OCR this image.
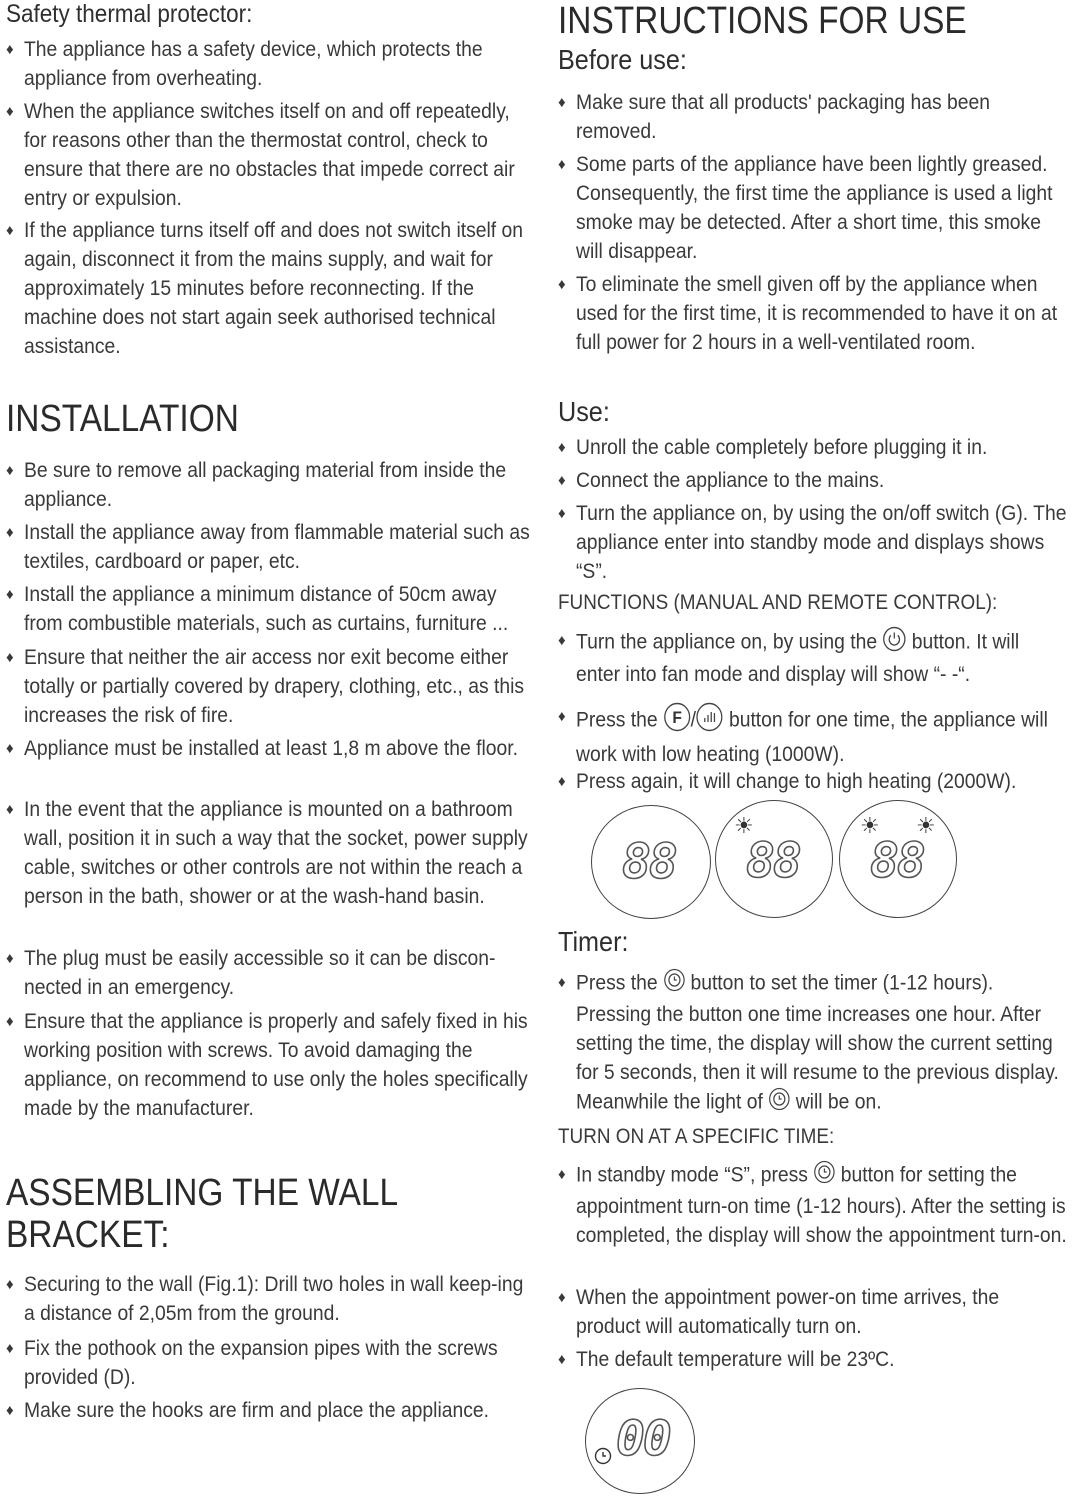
Safety thermal protector:
♦ The appliance has a safety device, which protects the appliance from overheating.
♦ When the appliance switches itself on and off repeatedly, for reasons other than the thermostat control, check to ensure that there are no obstacles that impede correct air entry or expulsion.
♦ If the appliance turns itself off and does not switch itself on again, disconnect it from the mains supply, and wait for approximately 15 minutes before reconnecting. If the machine does not start again seek authorised technical assistance.
INSTALLATION
♦ Be sure to remove all packaging material from inside the appliance.
♦ Install the appliance away from flammable material such as textiles, cardboard or paper, etc.
♦ Install the appliance a minimum distance of 50cm away from combustible materials, such as curtains, furniture ...
♦ Ensure that neither the air access nor exit become either totally or partially covered by drapery, clothing, etc., as this increases the risk of fire.
♦ Appliance must be installed at least 1,8 m above the floor.
♦ In the event that the appliance is mounted on a bathroom wall, position it in such a way that the socket, power supply cable, switches or other controls are not within the reach a person in the bath, shower or at the wash-hand basin.
♦ The plug must be easily accessible so it can be discon-nected in an emergency.
♦ Ensure that the appliance is properly and safely fixed in his working position with screws. To avoid damaging the appliance, on recommend to use only the holes specifically made by the manufacturer.
ASSEMBLING THE WALL
BRACKET:
♦ Securing to the wall (Fig.1): Drill two holes in wall keep-ing a distance of 2,05m from the ground.
♦ Fix the pothook on the expansion pipes with the screws provided (D).
♦ Make sure the hooks are firm and place the appliance.
INSTRUCTIONS FOR USE
Before use:
♦ Make sure that all products' packaging has been removed.
♦ Some parts of the appliance have been lightly greased. Consequently, the first time the appliance is used a light smoke may be detected. After a short time, this smoke will disappear.
♦ To eliminate the smell given off by the appliance when used for the first time, it is recommended to have it on at full power for 2 hours in a well-ventilated room.
Use:
♦ Unroll the cable completely before plugging it in.
♦ Connect the appliance to the mains.
♦ Turn the appliance on, by using the on/off switch (G). The appliance enter into standby mode and displays shows “S”.
FUNCTIONS (MANUAL AND REMOTE CONTROL):
♦ Turn the appliance on, by using the button. It will enter into fan mode and display will show “- -“.
♦ Press the F / button for one time, the appliance will work with low heating (1000W).
♦ Press again, it will change to high heating (2000W).
88
☀
88
☀ ☀
88
Timer:
♦ Press the button to set the timer (1-12 hours). Pressing the button one time increases one hour. After setting the time, the display will show the current setting for 5 seconds, then it will resume to the previous display. Meanwhile the light of will be on.
TURN ON AT A SPECIFIC TIME:
♦ In standby mode “S”, press button for setting the appointment turn-on time (1-12 hours). After the setting is completed, the display will show the appointment turn-on.
♦ When the appointment power-on time arrives, the product will automatically turn on.
♦ The default temperature will be 23ºC.
00
